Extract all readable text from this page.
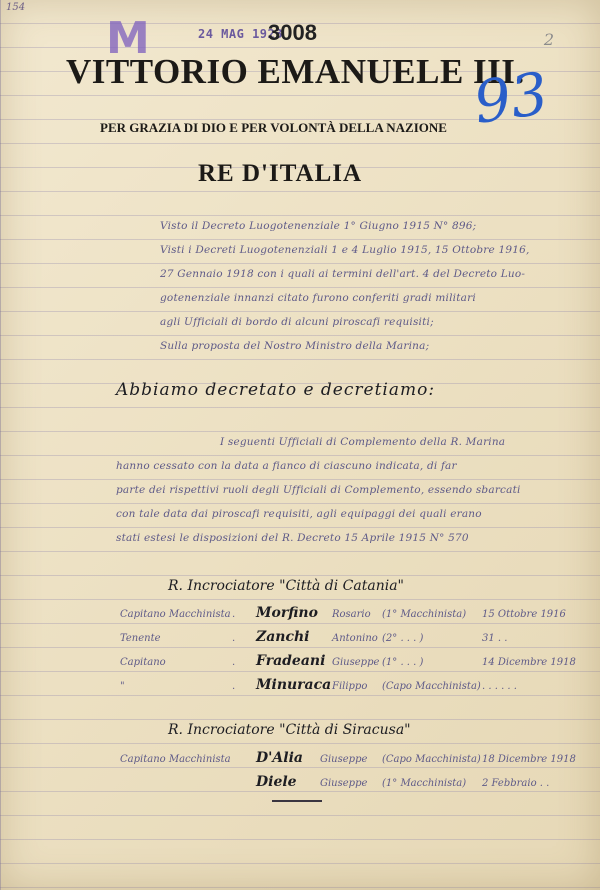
154
2
M	24 MAG 1923
3008
VITTORIO EMANUELE III.
93
PER GRAZIA DI DIO E PER VOLONTÀ DELLA NAZIONE
RE D'ITALIA
Visto il Decreto Luogotenenziale 1° Giugno 1915 N° 896;
Visti i Decreti Luogotenenziali 1 e 4 Luglio 1915, 15 Ottobre 1916,
27 Gennaio 1918 con i quali ai termini dell'art. 4 del Decreto Luo-
gotenenziale innanzi citato furono conferiti gradi militari
agli Ufficiali di bordo di alcuni piroscafi requisiti;
Sulla proposta del Nostro Ministro della Marina;
Abbiamo decretato e decretiamo:
I seguenti Ufficiali di Complemento della R. Marina
hanno cessato con la data a fianco di ciascuno indicata, di far
parte dei rispettivi ruoli degli Ufficiali di Complemento, essendo sbarcati
con tale data dai piroscafi requisiti, agli equipaggi dei quali erano
stati estesi le disposizioni del R. Decreto 15 Aprile 1915 N° 570
R. Incrociatore "Città di Catania"
Capitano Macchinista . Morfino Rosario (1° Macchinista) 15 Ottobre 1916
Tenente	. Zanchi Antonino (2° . . . )	31 . .
Capitano	. Fradeani Giuseppe (1° . . . )	14 Dicembre 1918
"	. Minuraca Filippo (Capo Macchinista) . . . . . .
R. Incrociatore "Città di Siracusa"
Capitano Macchinista D'Alia Giuseppe (Capo Macchinista) 18 Dicembre 1918
Diele Giuseppe (1° Macchinista) 2 Febbraio . .
